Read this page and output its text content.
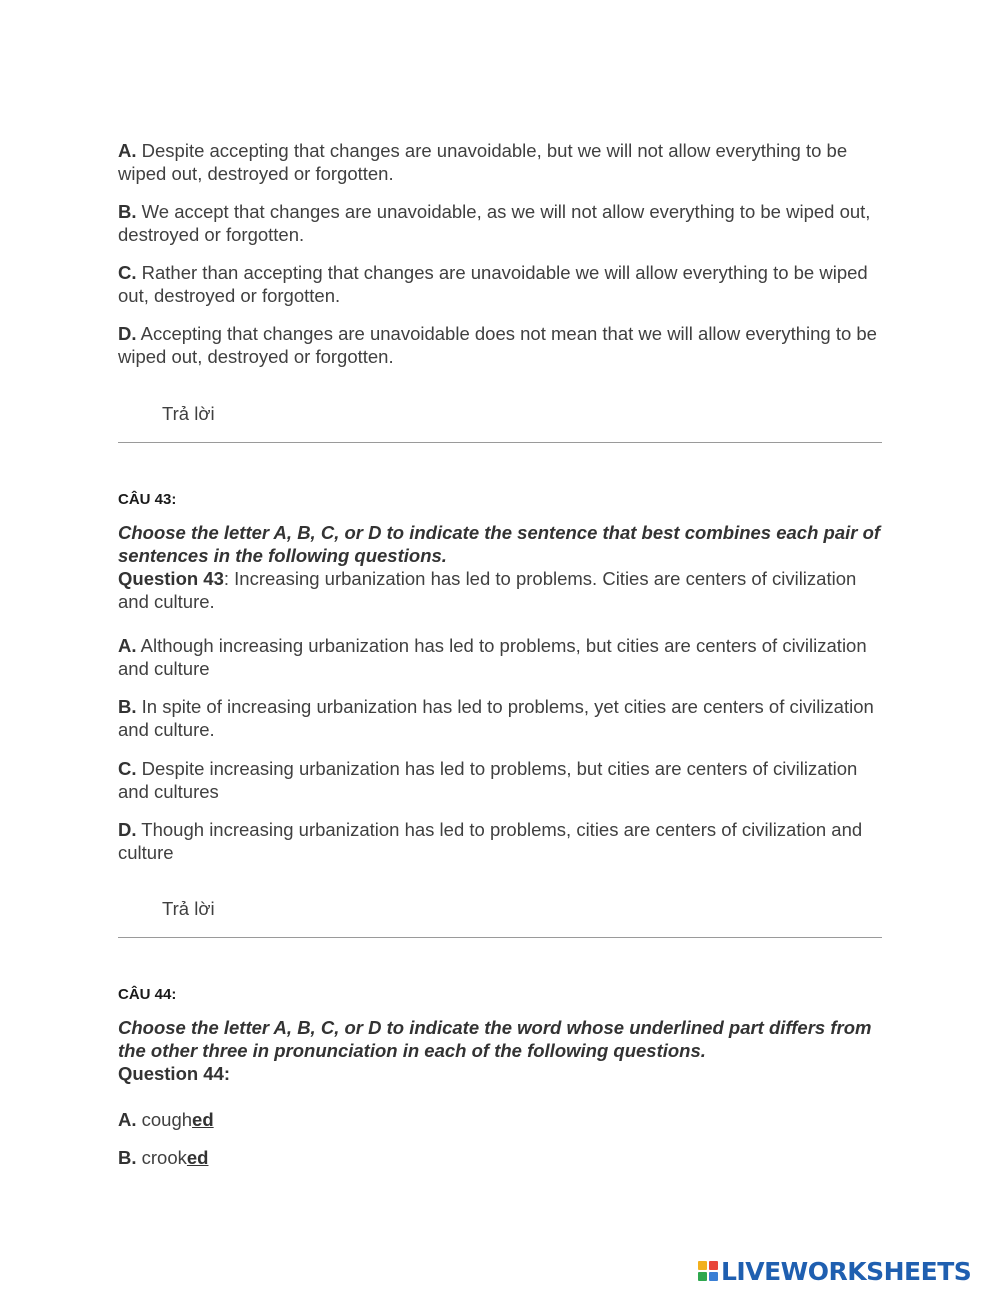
A. Despite accepting that changes are unavoidable, but we will not allow everything to be wiped out, destroyed or forgotten.
B. We accept that changes are unavoidable, as we will not allow everything to be wiped out, destroyed or forgotten.
C. Rather than accepting that changes are unavoidable we will allow everything to be wiped out, destroyed or forgotten.
D. Accepting that changes are unavoidable does not mean that we will allow everything to be wiped out, destroyed or forgotten.
Trả lời
CÂU 43:
Choose the letter A, B, C, or D to indicate the sentence that best combines each pair of sentences in the following questions.
Question 43: Increasing urbanization has led to problems. Cities are centers of civilization and culture.
A. Although increasing urbanization has led to problems, but cities are centers of civilization and culture
B. In spite of increasing urbanization has led to problems, yet cities are centers of civilization and culture.
C. Despite increasing urbanization has led to problems, but cities are centers of civilization and cultures
D. Though increasing urbanization has led to problems, cities are centers of civilization and culture
Trả lời
CÂU 44:
Choose the letter A, B, C, or D to indicate the word whose underlined part differs from the other three in pronunciation in each of the following questions.
Question 44:
A. coughed
B. crooked
LIVEWORKSHEETS
